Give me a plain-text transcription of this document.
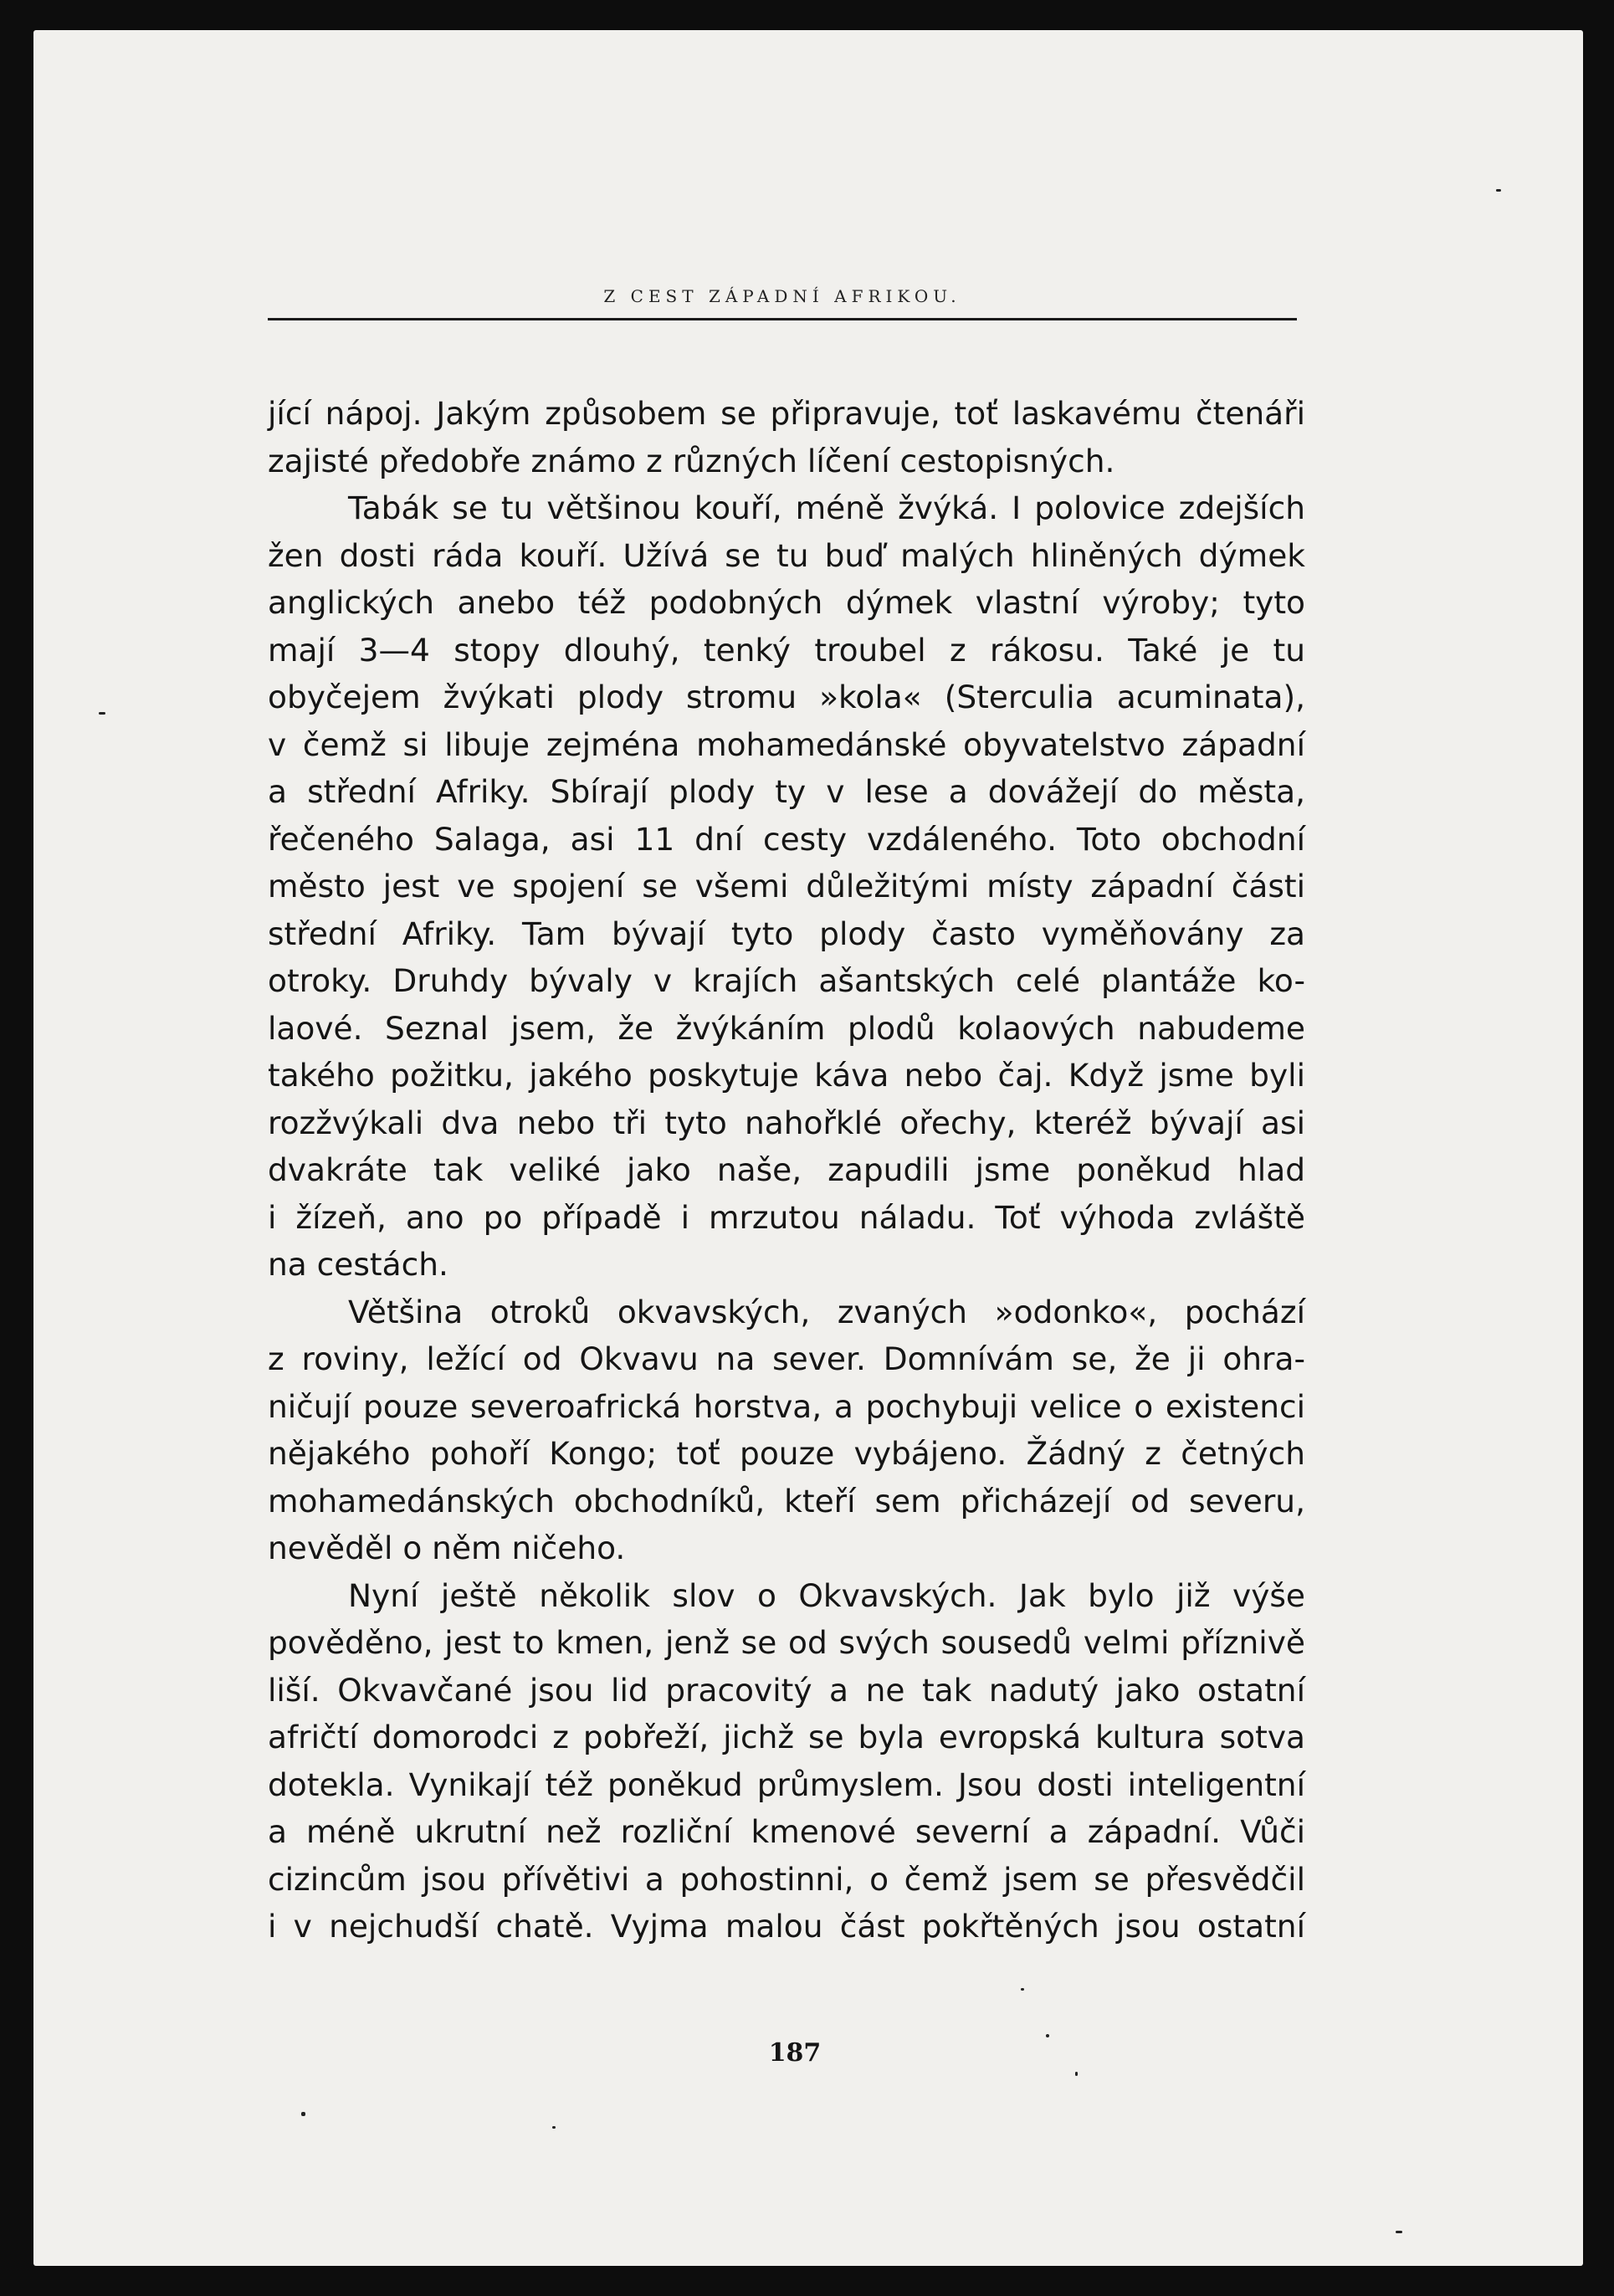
Z CEST ZÁPADNÍ AFRIKOU.

jící nápoj. Jakým způsobem se připravuje, toť laskavému čtenáři

zajisté předobře známo z různých líčení cestopisných.

Tabák se tu většinou kouří, méně žvýká. I polovice zdejších

žen dosti ráda kouří. Užívá se tu buď malých hliněných dýmek

anglických anebo též podobných dýmek vlastní výroby; tyto

mají 3—4 stopy dlouhý, tenký troubel z rákosu. Také je tu

obyčejem žvýkati plody stromu »kola« (Sterculia acuminata),

v čemž si libuje zejména mohamedánské obyvatelstvo západní

a střední Afriky. Sbírají plody ty v lese a dovážejí do města,

řečeného Salaga, asi 11 dní cesty vzdáleného. Toto obchodní

město jest ve spojení se všemi důležitými místy západní části

střední Afriky. Tam bývají tyto plody často vyměňovány za

otroky. Druhdy bývaly v krajích ašantských celé plantáže ko-

laové. Seznal jsem, že žvýkáním plodů kolaových nabudeme

takého požitku, jakého poskytuje káva nebo čaj. Když jsme byli

rozžvýkali dva nebo tři tyto nahořklé ořechy, kteréž bývají asi

dvakráte tak veliké jako naše, zapudili jsme poněkud hlad

i žízeň, ano po případě i mrzutou náladu. Toť výhoda zvláště

na cestách.

Většina otroků okvavských, zvaných »odonko«, pochází

z roviny, ležící od Okvavu na sever. Domnívám se, že ji ohra-

ničují pouze severoafrická horstva, a pochybuji velice o existenci

nějakého pohoří Kongo; toť pouze vybájeno. Žádný z četných

mohamedánských obchodníků, kteří sem přicházejí od severu,

nevěděl o něm ničeho.

Nyní ještě několik slov o Okvavských. Jak bylo již výše

pověděno, jest to kmen, jenž se od svých sousedů velmi příznivě

liší. Okvavčané jsou lid pracovitý a ne tak nadutý jako ostatní

afričtí domorodci z pobřeží, jichž se byla evropská kultura sotva

dotekla. Vynikají též poněkud průmyslem. Jsou dosti inteligentní

a méně ukrutní než rozliční kmenové severní a západní. Vůči

cizincům jsou přívětivi a pohostinni, o čemž jsem se přesvědčil

i v nejchudší chatě. Vyjma malou část pokřtěných jsou ostatní

187
